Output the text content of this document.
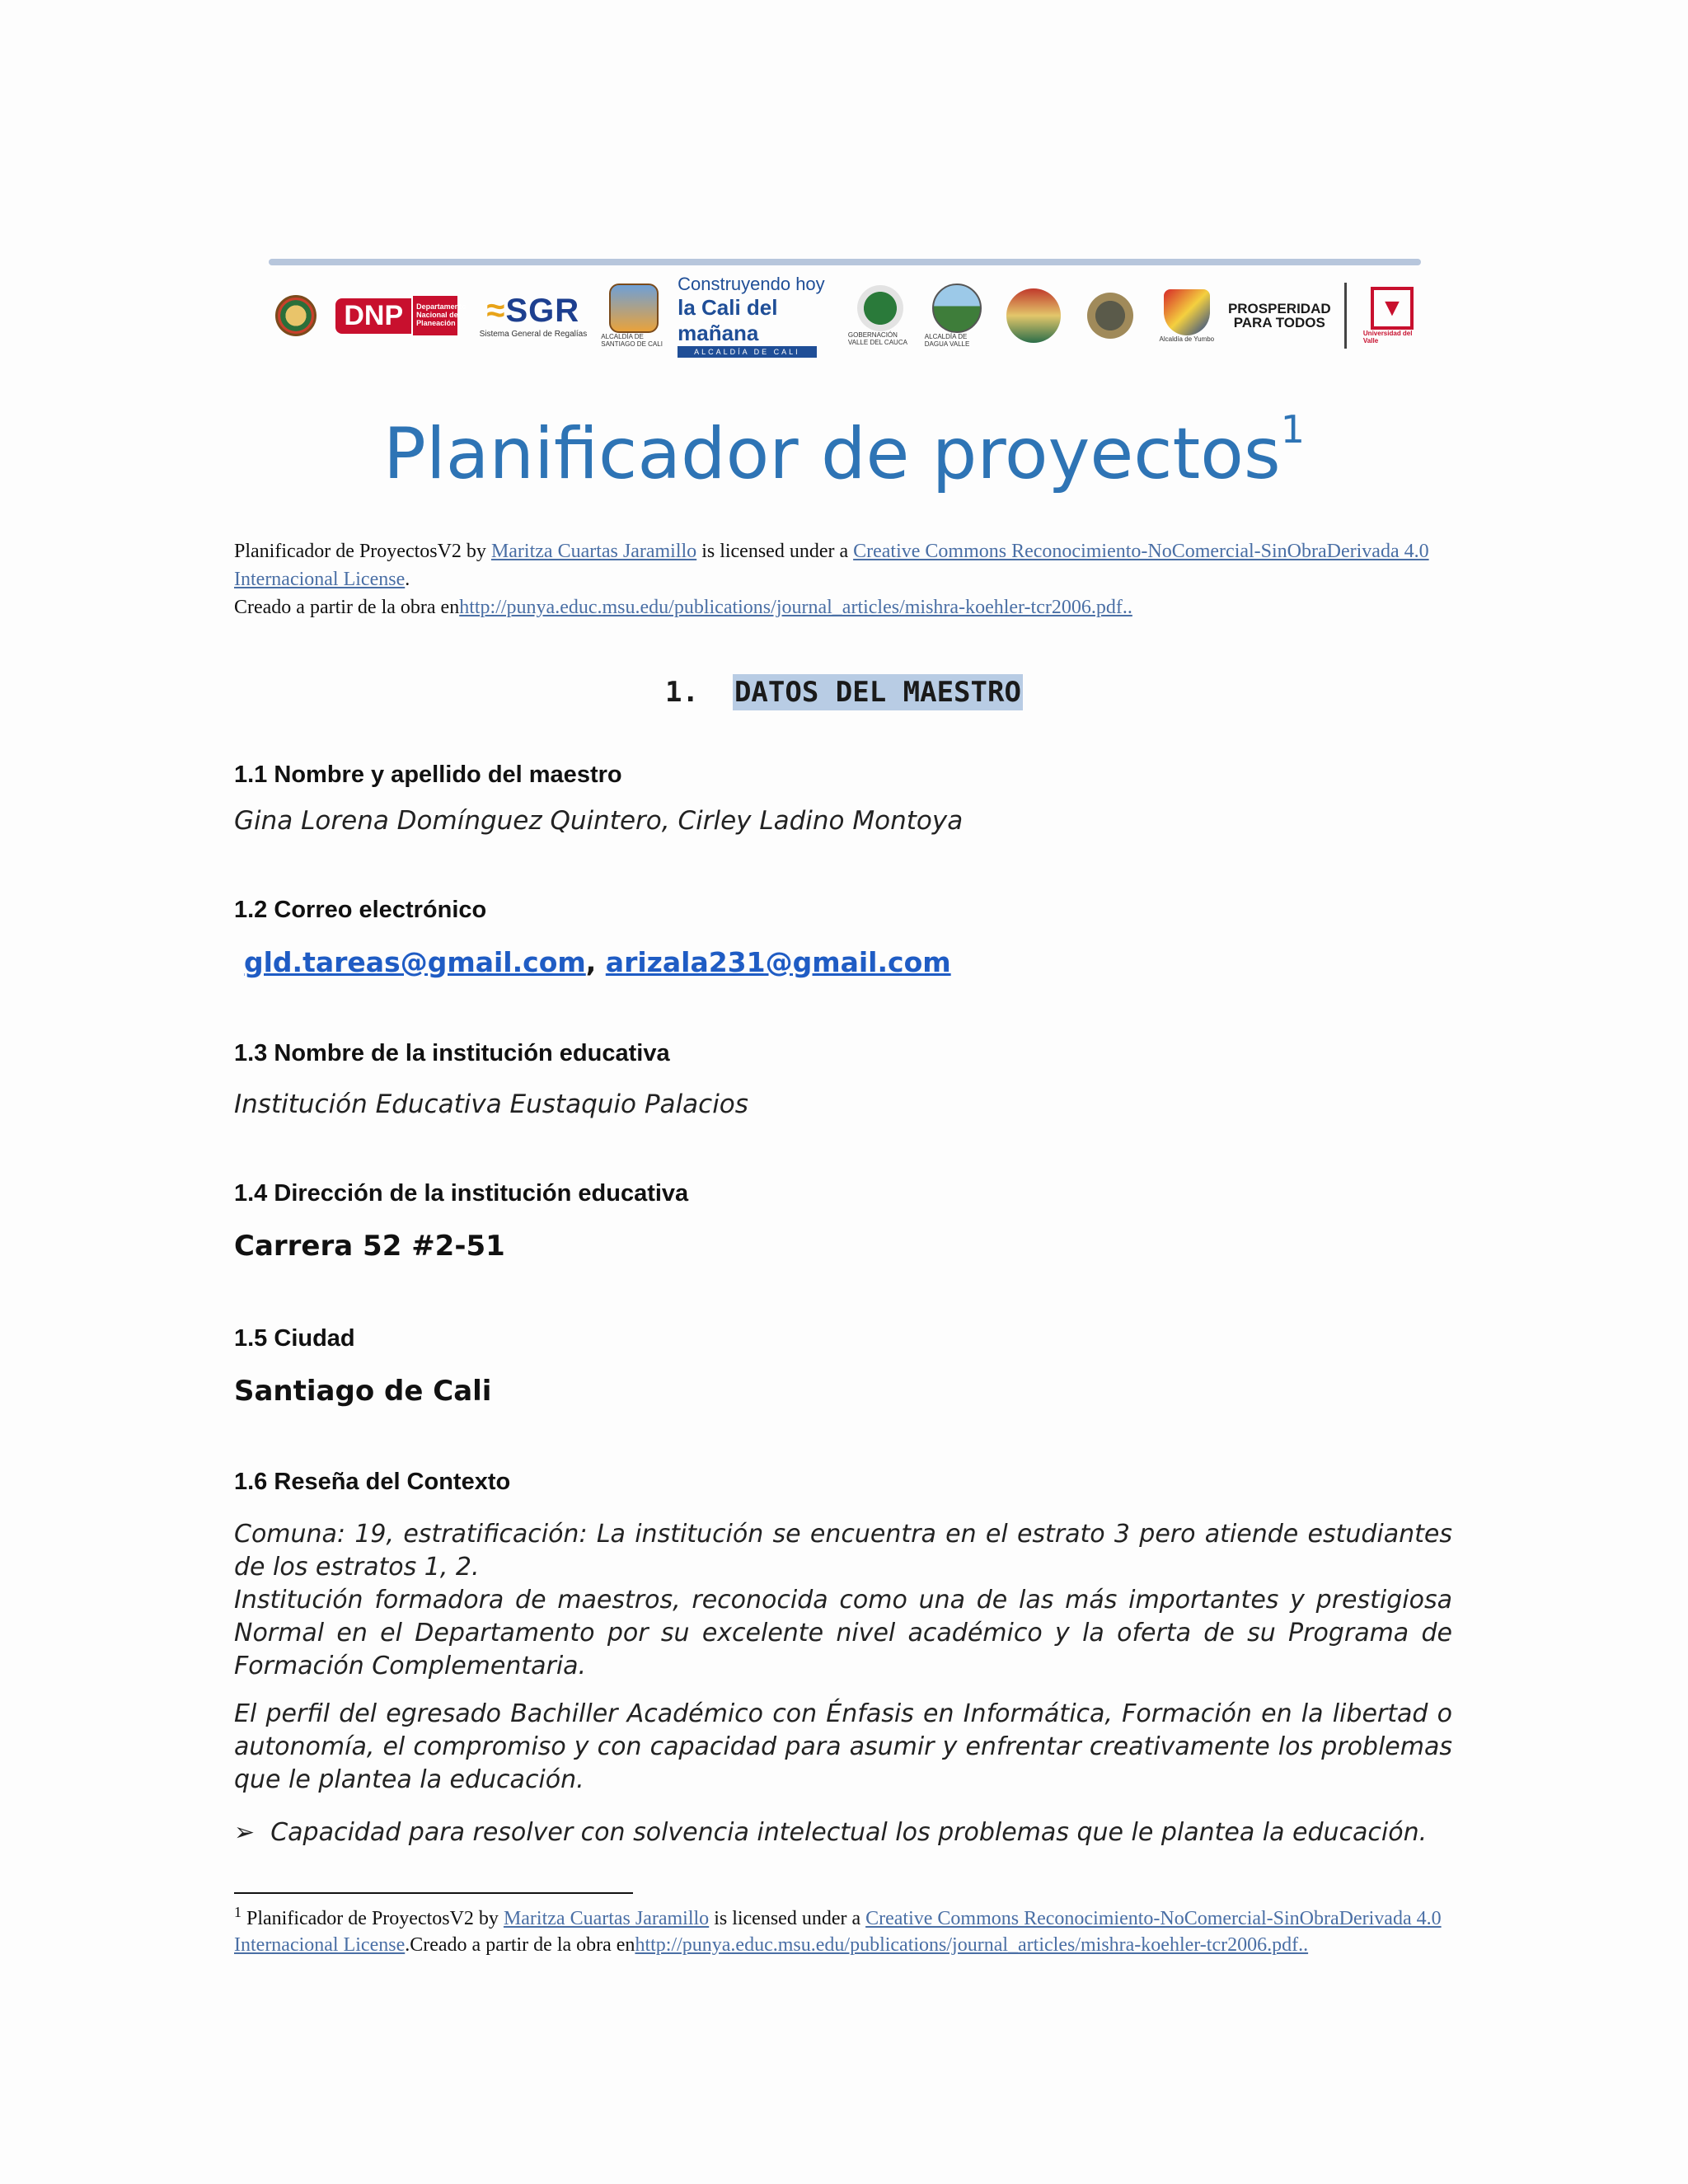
DNP	Departamento Nacional de Planeación ≈SGR
Sistema General de Regalías ALCALDÍA DE SANTIAGO DE CALI
Construyendo hoy
la Cali del mañana
ALCALDÍA DE CALI
GOBERNACIÓN VALLE DEL CAUCA
ALCALDÍA DE DAGUA VALLE
Alcaldía de Yumbo
PROSPERIDAD
PARA TODOS
▼
Universidad del Valle
Planificador de proyectos$^1$
Planificador de ProyectosV2 by Maritza Cuartas Jaramillo is licensed under a Creative Commons Reconocimiento-NoComercial-SinObraDerivada 4.0 Internacional License.
Creado a partir de la obra enhttp://punya.educ.msu.edu/publications/journal_articles/mishra-koehler-tcr2006.pdf..
1. DATOS DEL MAESTRO
1.1 Nombre y apellido del maestro
Gina Lorena Domínguez Quintero, Cirley Ladino Montoya
1.2 Correo electrónico
gld.tareas@gmail.com, arizala231@gmail.com
1.3 Nombre de la institución educativa
Institución Educativa Eustaquio Palacios
1.4 Dirección de la institución educativa
Carrera 52 #2-51
1.5 Ciudad
Santiago de Cali
1.6 Reseña del Contexto
Comuna: 19, estratificación: La institución se encuentra en el estrato 3 pero atiende estudiantes de los estratos 1, 2.
Institución formadora de maestros, reconocida como una de las más importantes y prestigiosa Normal en el Departamento por su excelente nivel académico y la oferta de su Programa de Formación Complementaria.
El perfil del egresado Bachiller Académico con Énfasis en Informática, Formación en la libertad o autonomía, el compromiso y con capacidad para asumir y enfrentar creativamente los problemas que le plantea la educación.
➢ Capacidad para resolver con solvencia intelectual los problemas que le plantea la educación.
$^1$ Planificador de ProyectosV2 by Maritza Cuartas Jaramillo is licensed under a Creative Commons Reconocimiento-NoComercial-SinObraDerivada 4.0 Internacional License.Creado a partir de la obra enhttp://punya.educ.msu.edu/publications/journal_articles/mishra-koehler-tcr2006.pdf..
